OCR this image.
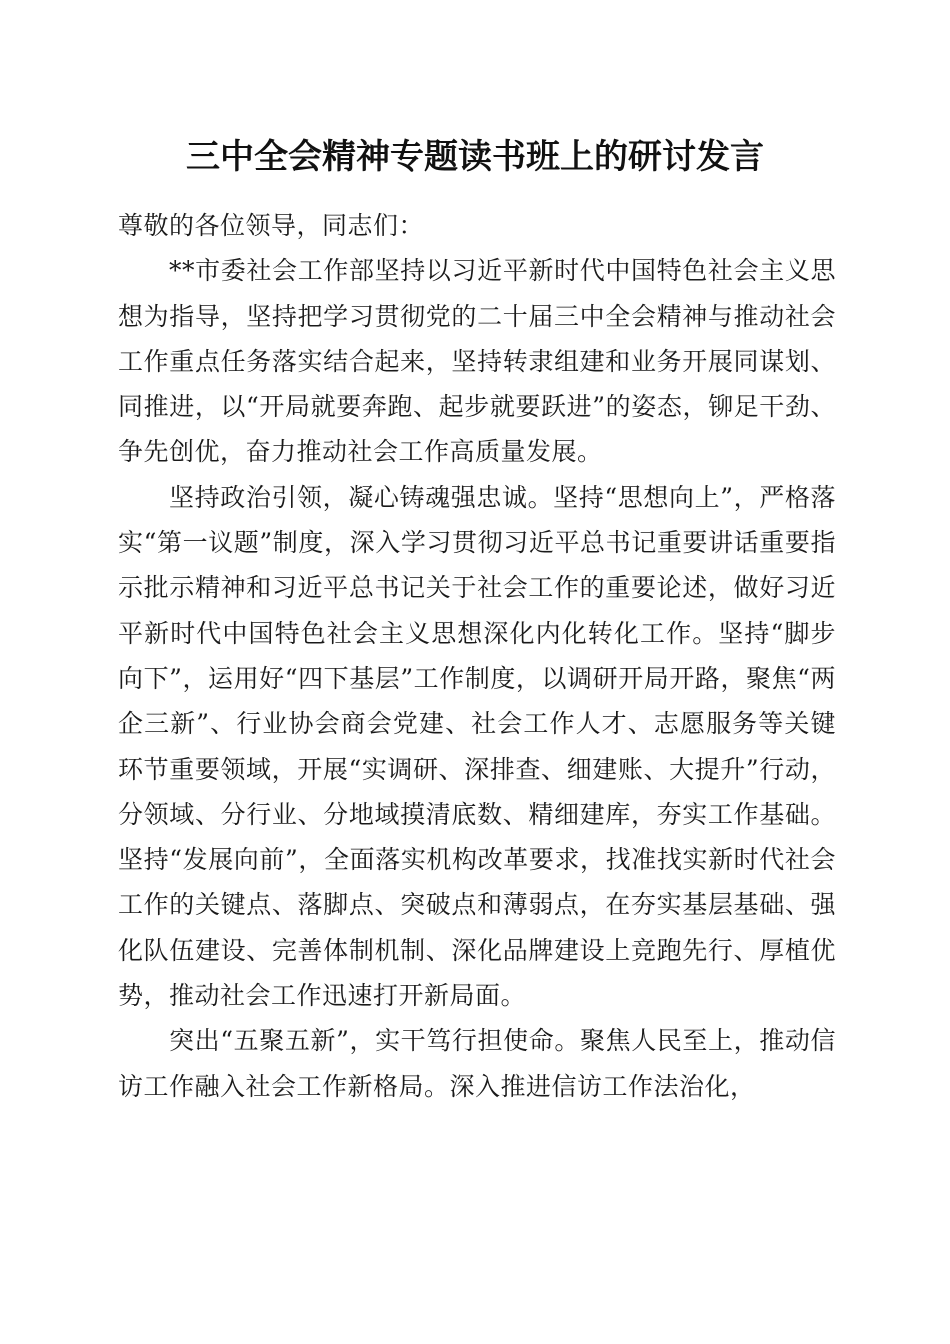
三中全会精神专题读书班上的研讨发言

尊敬的各位领导，同志们：

**市委社会工作部坚持以习近平新时代中国特色社会主义思想为指导，坚持把学习贯彻党的二十届三中全会精神与推动社会工作重点任务落实结合起来，坚持转隶组建和业务开展同谋划、同推进，以“开局就要奔跑、起步就要跃进”的姿态，铆足干劲、争先创优，奋力推动社会工作高质量发展。

坚持政治引领，凝心铸魂强忠诚。坚持“思想向上”，严格落实“第一议题”制度，深入学习贯彻习近平总书记重要讲话重要指示批示精神和习近平总书记关于社会工作的重要论述，做好习近平新时代中国特色社会主义思想深化内化转化工作。坚持“脚步向下”，运用好“四下基层”工作制度，以调研开局开路，聚焦“两企三新”、行业协会商会党建、社会工作人才、志愿服务等关键环节重要领域，开展“实调研、深排查、细建账、大提升”行动，分领域、分行业、分地域摸清底数、精细建库，夯实工作基础。坚持“发展向前”，全面落实机构改革要求，找准找实新时代社会工作的关键点、落脚点、突破点和薄弱点，在夯实基层基础、强化队伍建设、完善体制机制、深化品牌建设上竞跑先行、厚植优势，推动社会工作迅速打开新局面。

突出“五聚五新”，实干笃行担使命。聚焦人民至上，推动信访工作融入社会工作新格局。深入推进信访工作法治化，
